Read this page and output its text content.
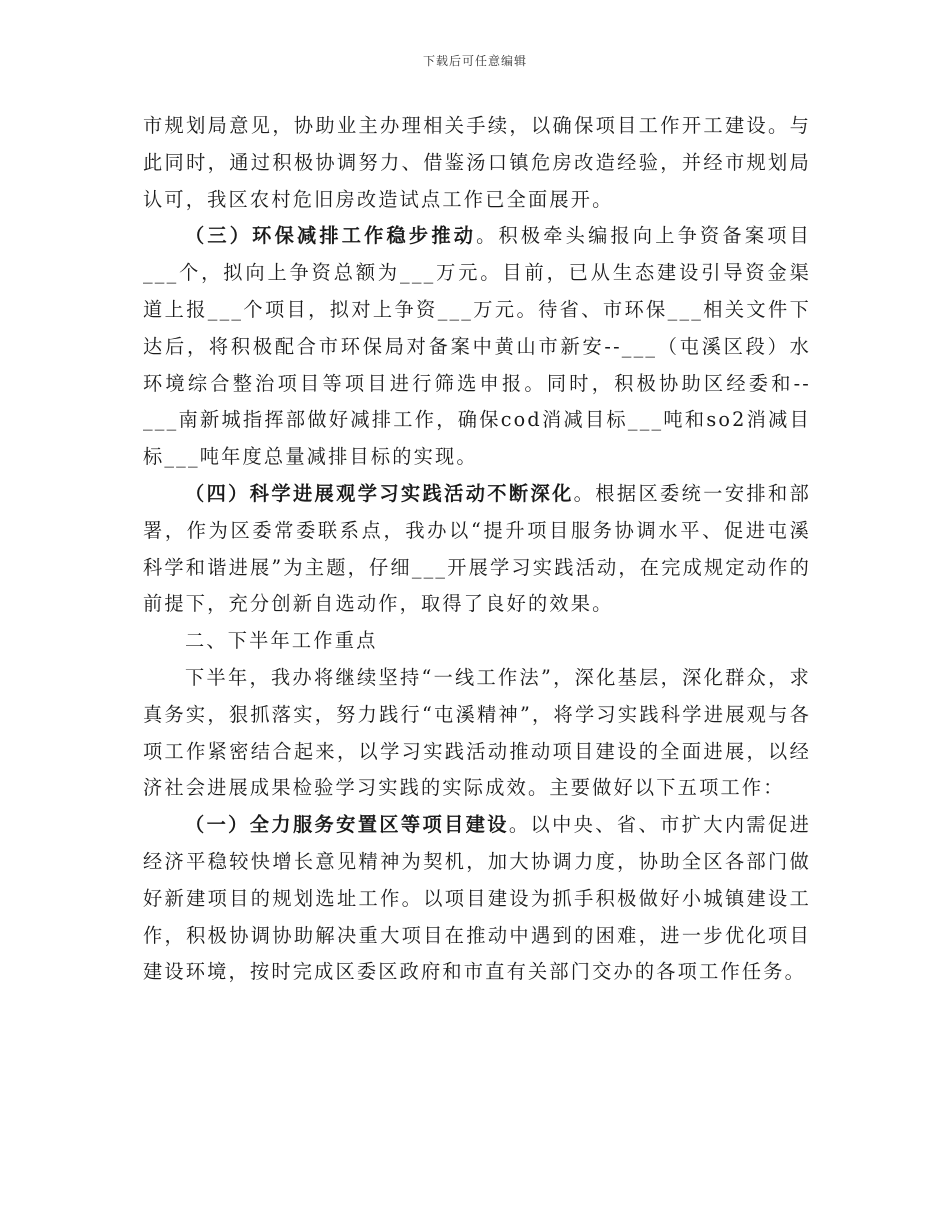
下载后可任意编辑

市规划局意见，协助业主办理相关手续，以确保项目工作开工建设。与此同时，通过积极协调努力、借鉴汤口镇危房改造经验，并经市规划局认可，我区农村危旧房改造试点工作已全面展开。

（三）环保减排工作稳步推动。积极牵头编报向上争资备案项目___个，拟向上争资总额为___万元。目前，已从生态建设引导资金渠道上报___个项目，拟对上争资___万元。待省、市环保___相关文件下达后，将积极配合市环保局对备案中黄山市新安--___（屯溪区段）水环境综合整治项目等项目进行筛选申报。同时，积极协助区经委和--___南新城指挥部做好减排工作，确保cod消减目标___吨和so2消减目标___吨年度总量减排目标的实现。

（四）科学进展观学习实践活动不断深化。根据区委统一安排和部署，作为区委常委联系点，我办以“提升项目服务协调水平、促进屯溪科学和谐进展”为主题，仔细___开展学习实践活动，在完成规定动作的前提下，充分创新自选动作，取得了良好的效果。

二、下半年工作重点

下半年，我办将继续坚持“一线工作法”，深化基层，深化群众，求真务实，狠抓落实，努力践行“屯溪精神”，将学习实践科学进展观与各项工作紧密结合起来，以学习实践活动推动项目建设的全面进展，以经济社会进展成果检验学习实践的实际成效。主要做好以下五项工作：

（一）全力服务安置区等项目建设。以中央、省、市扩大内需促进经济平稳较快增长意见精神为契机，加大协调力度，协助全区各部门做好新建项目的规划选址工作。以项目建设为抓手积极做好小城镇建设工作，积极协调协助解决重大项目在推动中遇到的困难，进一步优化项目建设环境，按时完成区委区政府和市直有关部门交办的各项工作任务。
